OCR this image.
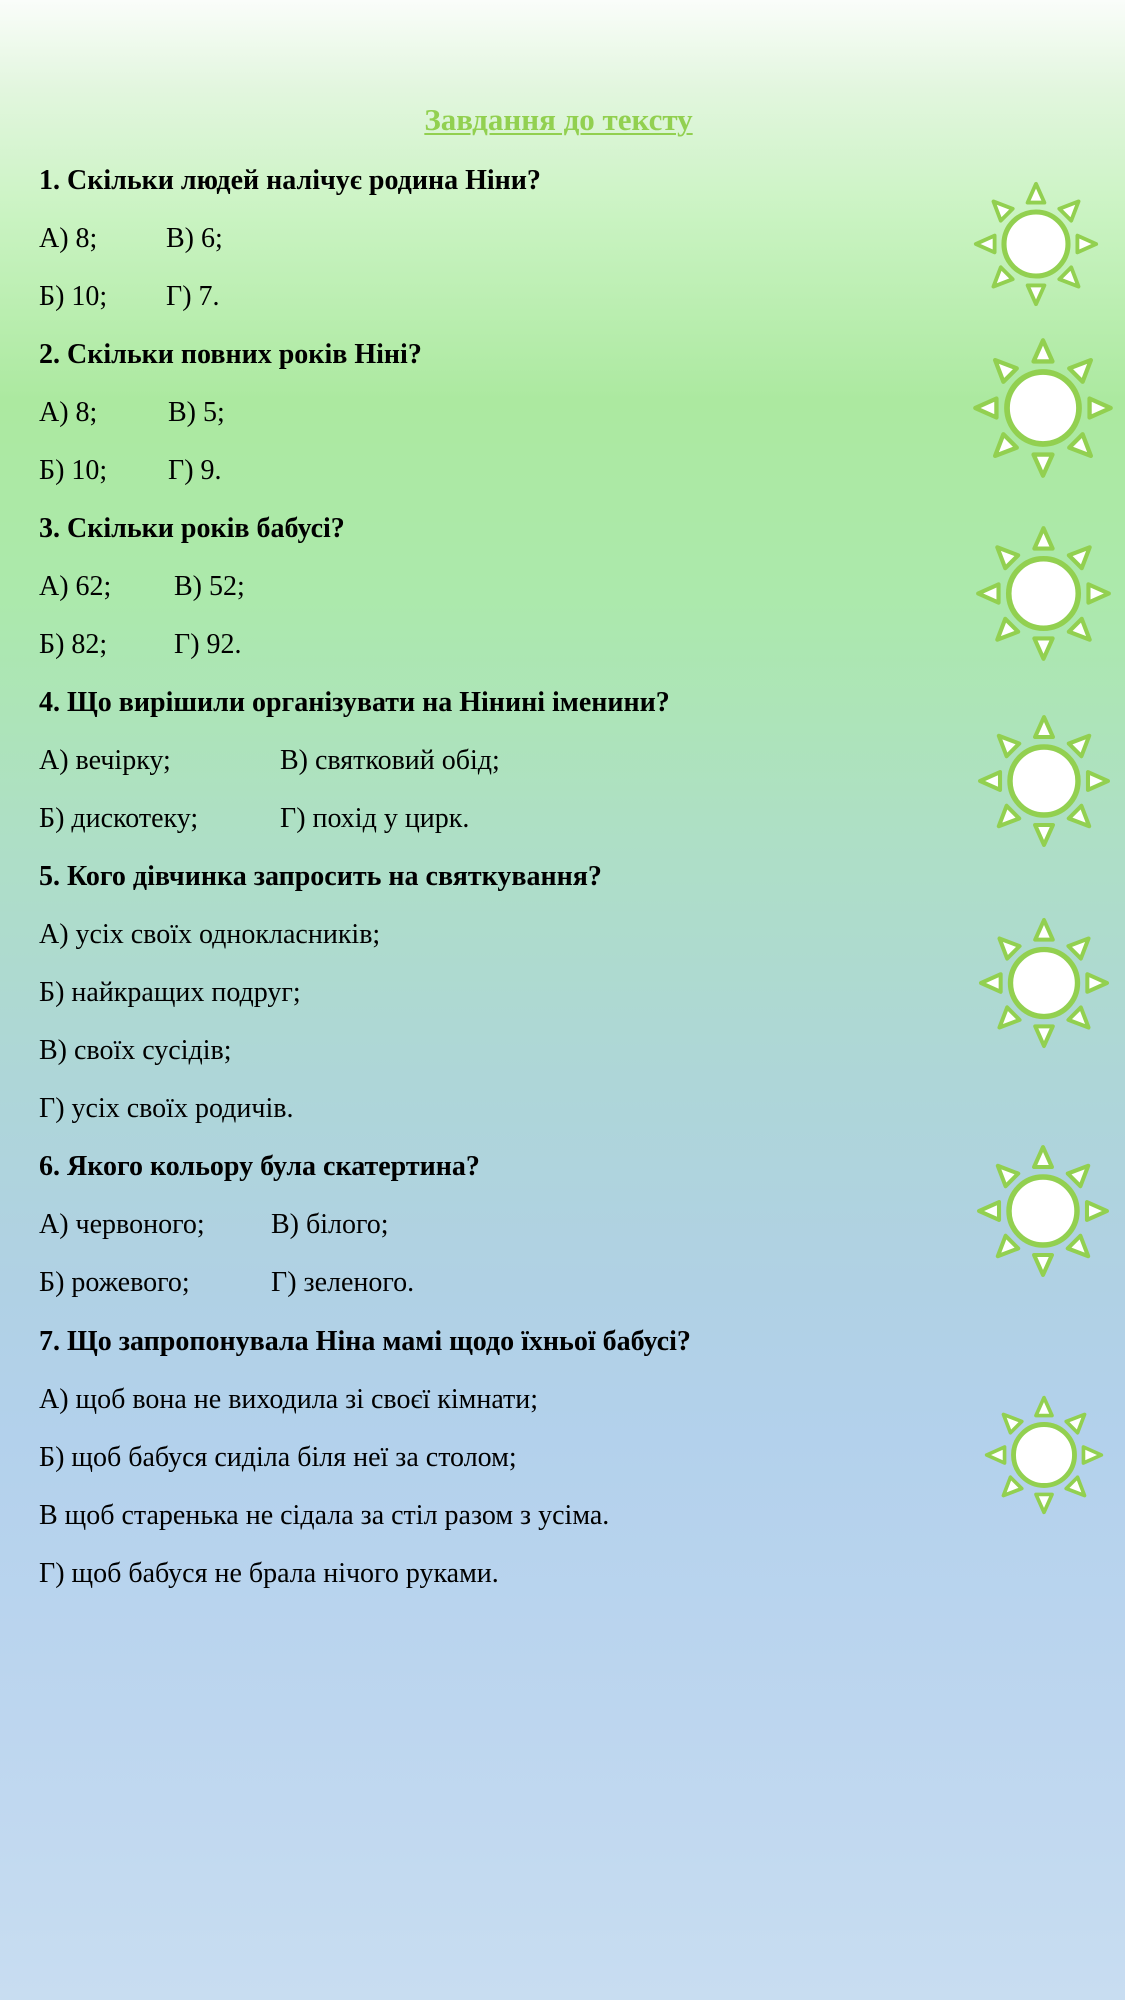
Завдання до тексту
1. Скільки людей налічує родина Ніни?
А) 8; В) 6;
Б) 10; Г) 7.
2. Скільки повних років Ніні?
А) 8;	В) 5;
Б) 10; Г) 9.
3. Скільки років бабусі?
А) 62; В) 52;
Б) 82; Г) 92.
4. Що вирішили організувати на Нінині іменини?
А) вечірку;	В) святковий обід;
Б) дискотеку;	Г) похід у цирк.
5. Кого дівчинка запросить на святкування?
А) усіх своїх однокласників;
Б) найкращих подруг;
В) своїх сусідів;
Г) усіх своїх родичів.
6. Якого кольору була скатертина?
А) червоного; В) білого;
Б) рожевого;	Г) зеленого.
7. Що запропонувала Ніна мамі щодо їхньої бабусі?
А) щоб вона не виходила зі своєї кімнати;
Б) щоб бабуся сиділа біля неї за столом;
В щоб старенька не сідала за стіл разом з усіма.
Г) щоб бабуся не брала нічого руками.
